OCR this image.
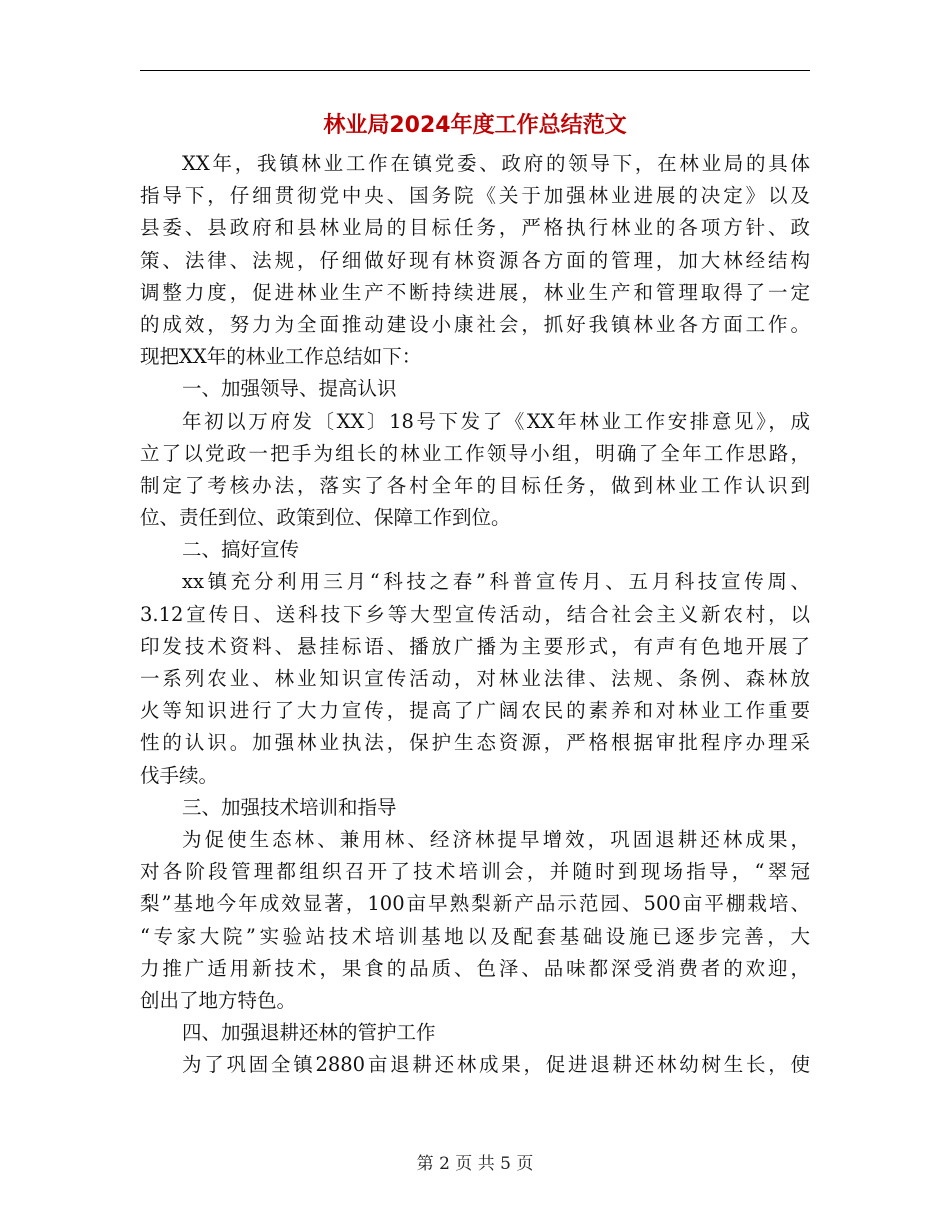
林业局2024年度工作总结范文
XX年，我镇林业工作在镇党委、政府的领导下，在林业局的具体
指导下，仔细贯彻党中央、国务院《关于加强林业进展的决定》以及
县委、县政府和县林业局的目标任务，严格执行林业的各项方针、政
策、法律、法规，仔细做好现有林资源各方面的管理，加大林经结构
调整力度，促进林业生产不断持续进展，林业生产和管理取得了一定
的成效，努力为全面推动建设小康社会，抓好我镇林业各方面工作。
现把XX年的林业工作总结如下：
一、加强领导、提高认识
年初以万府发〔XX〕18号下发了《XX年林业工作安排意见》，成
立了以党政一把手为组长的林业工作领导小组，明确了全年工作思路，
制定了考核办法，落实了各村全年的目标任务，做到林业工作认识到
位、责任到位、政策到位、保障工作到位。
二、搞好宣传
xx镇充分利用三月“科技之春”科普宣传月、五月科技宣传周、
3.12宣传日、送科技下乡等大型宣传活动，结合社会主义新农村，以
印发技术资料、悬挂标语、播放广播为主要形式，有声有色地开展了
一系列农业、林业知识宣传活动，对林业法律、法规、条例、森林放
火等知识进行了大力宣传，提高了广阔农民的素养和对林业工作重要
性的认识。加强林业执法，保护生态资源，严格根据审批程序办理采
伐手续。
三、加强技术培训和指导
为促使生态林、兼用林、经济林提早增效，巩固退耕还林成果，
对各阶段管理都组织召开了技术培训会，并随时到现场指导，“翠冠
梨”基地今年成效显著，100亩早熟梨新产品示范园、500亩平棚栽培、
“专家大院”实验站技术培训基地以及配套基础设施已逐步完善，大
力推广适用新技术，果食的品质、色泽、品味都深受消费者的欢迎，
创出了地方特色。
四、加强退耕还林的管护工作
为了巩固全镇2880亩退耕还林成果，促进退耕还林幼树生长，使
第 2 页 共 5 页
